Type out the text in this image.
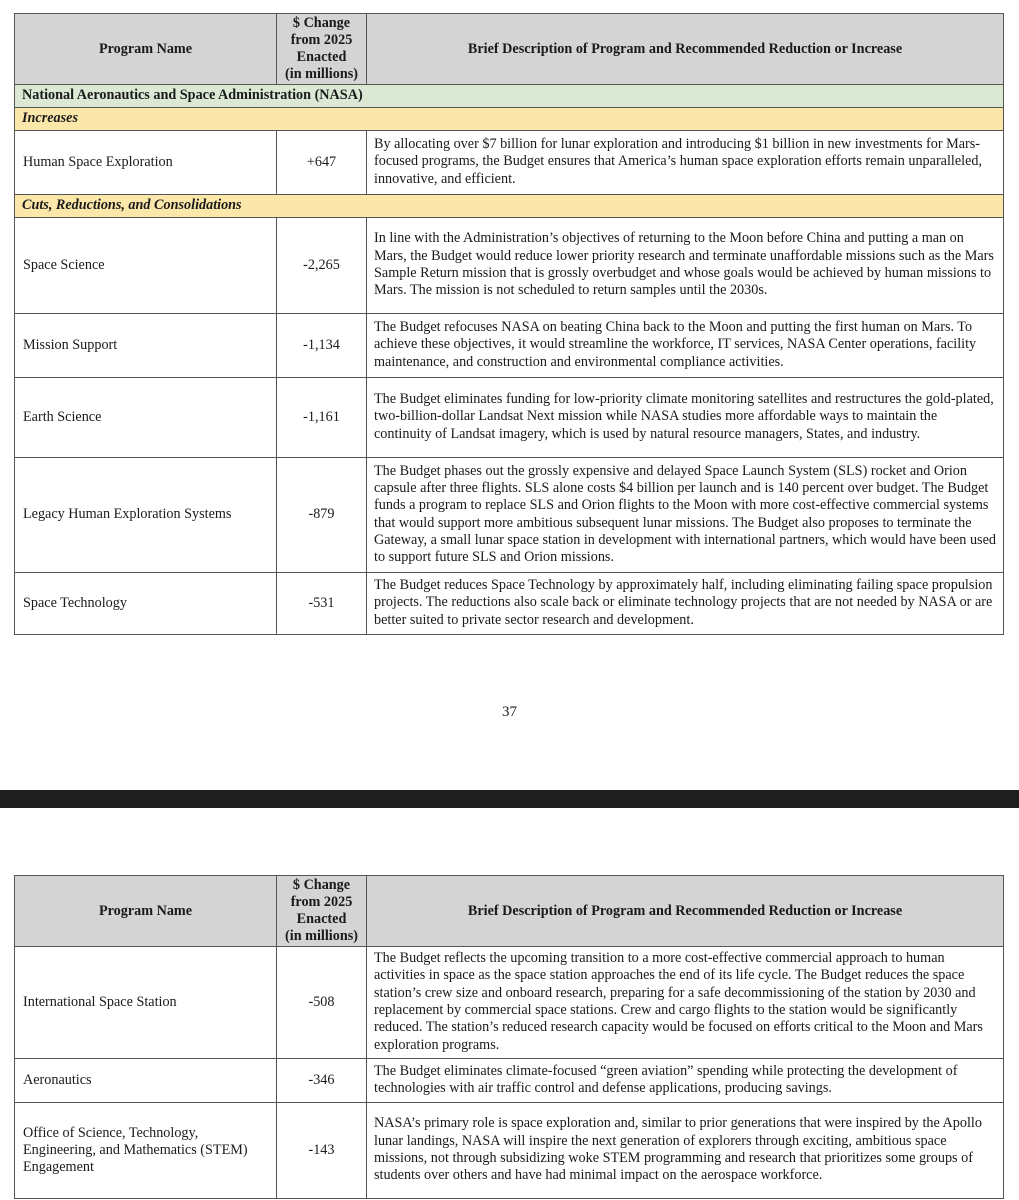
Program Name	$ Change
from 2025
Enacted
(in millions)	Brief Description of Program and Recommended Reduction or Increase
National Aeronautics and Space Administration (NASA)		
Increases		
Human Space Exploration	+647	By allocating over $7 billion for lunar exploration and introducing $1 billion in new investments for Mars-focused programs, the Budget ensures that America’s human space exploration efforts remain unparalleled, innovative, and efficient.
Cuts, Reductions, and Consolidations		
Space Science	-2,265	In line with the Administration’s objectives of returning to the Moon before China and putting a man on Mars, the Budget would reduce lower priority research and terminate unaffordable missions such as the Mars Sample Return mission that is grossly overbudget and whose goals would be achieved by human missions to Mars. The mission is not scheduled to return samples until the 2030s.
Mission Support	-1,134	The Budget refocuses NASA on beating China back to the Moon and putting the first human on Mars. To achieve these objectives, it would streamline the workforce, IT services, NASA Center operations, facility maintenance, and construction and environmental compliance activities.
Earth Science	-1,161	The Budget eliminates funding for low-priority climate monitoring satellites and restructures the gold-plated, two-billion-dollar Landsat Next mission while NASA studies more affordable ways to maintain the continuity of Landsat imagery, which is used by natural resource managers, States, and industry.
Legacy Human Exploration Systems	-879	The Budget phases out the grossly expensive and delayed Space Launch System (SLS) rocket and Orion capsule after three flights. SLS alone costs $4 billion per launch and is 140 percent over budget. The Budget funds a program to replace SLS and Orion flights to the Moon with more cost-effective commercial systems that would support more ambitious subsequent lunar missions. The Budget also proposes to terminate the Gateway, a small lunar space station in development with international partners, which would have been used to support future SLS and Orion missions.
Space Technology	-531	The Budget reduces Space Technology by approximately half, including eliminating failing space propulsion projects. The reductions also scale back or eliminate technology projects that are not needed by NASA or are better suited to private sector research and development.
37
Program Name	$ Change
from 2025
Enacted
(in millions)	Brief Description of Program and Recommended Reduction or Increase
International Space Station	-508	The Budget reflects the upcoming transition to a more cost-effective commercial approach to human activities in space as the space station approaches the end of its life cycle. The Budget reduces the space station’s crew size and onboard research, preparing for a safe decommissioning of the station by 2030 and replacement by commercial space stations. Crew and cargo flights to the station would be significantly reduced. The station’s reduced research capacity would be focused on efforts critical to the Moon and Mars exploration programs.
Aeronautics	-346	The Budget eliminates climate-focused “green aviation” spending while protecting the development of technologies with air traffic control and defense applications, producing savings.
Office of Science, Technology, Engineering, and Mathematics (STEM) Engagement	-143	NASA’s primary role is space exploration and, similar to prior generations that were inspired by the Apollo lunar landings, NASA will inspire the next generation of explorers through exciting, ambitious space missions, not through subsidizing woke STEM programming and research that prioritizes some groups of students over others and have had minimal impact on the aerospace workforce.
